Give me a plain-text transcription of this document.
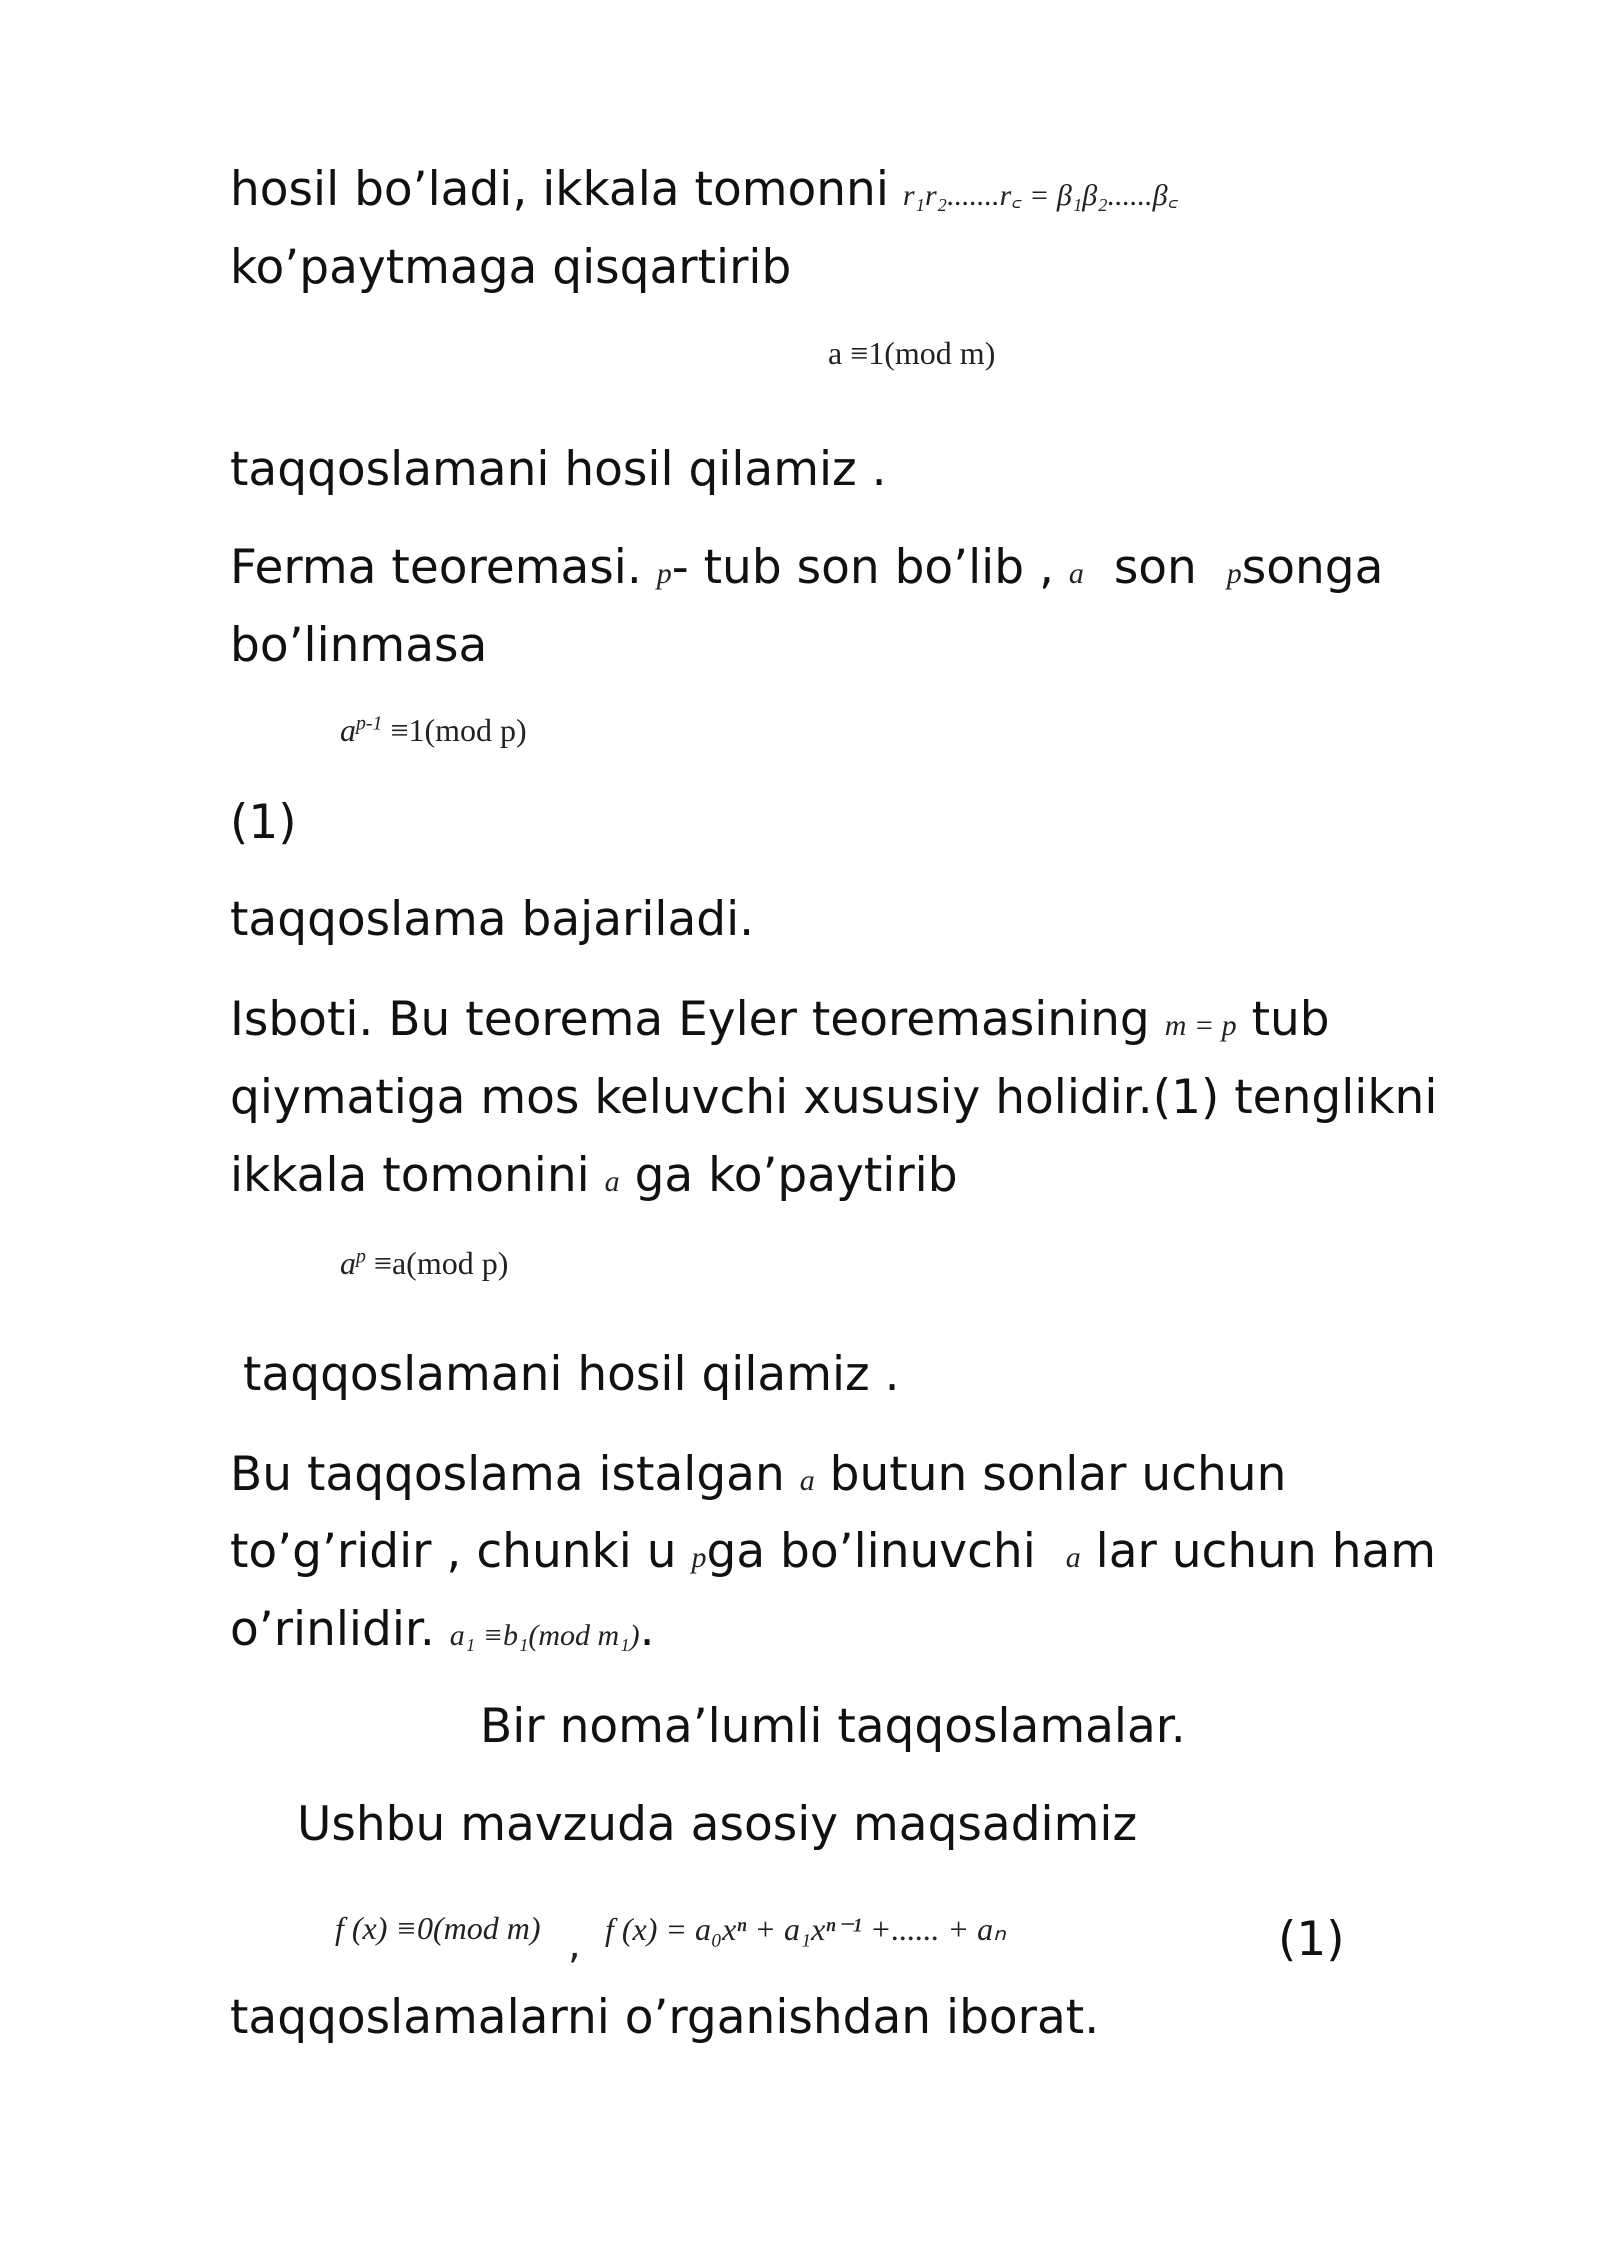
hosil bo’ladi, ikkala tomonni r₁r₂.......r꜀ = β₁β₂......β꜀
ko’paytmaga qisqartirib
a ≡1(mod m)
taqqoslamani hosil qilamiz .
Ferma teoremasi. p- tub son bo’lib , a son psonga
bo’linmasa
$a^{p-1} \equiv 1(mod$ p)
(1)
taqqoslama bajariladi.
Isboti. Bu teorema Eyler teoremasining m = p tub
qiymatiga mos keluvchi xususiy holidir.(1) tenglikni
ikkala tomonini a ga ko’paytirib
$a^p \equiv a(mod$ p)
taqqoslamani hosil qilamiz .
Bu taqqoslama istalgan a butun sonlar uchun
to’g’ridir , chunki u pga bo’linuvchi a lar uchun ham
o’rinlidir. a₁ ≡b₁(mod m₁).
Bir noma’lumli taqqoslamalar.
Ushbu mavzuda asosiy maqsadimiz
f (x) ≡0(mod m) , f (x) = a₀xⁿ + a₁xⁿ⁻¹ +...... + aₙ	(1)
taqqoslamalarni o’rganishdan iborat.
